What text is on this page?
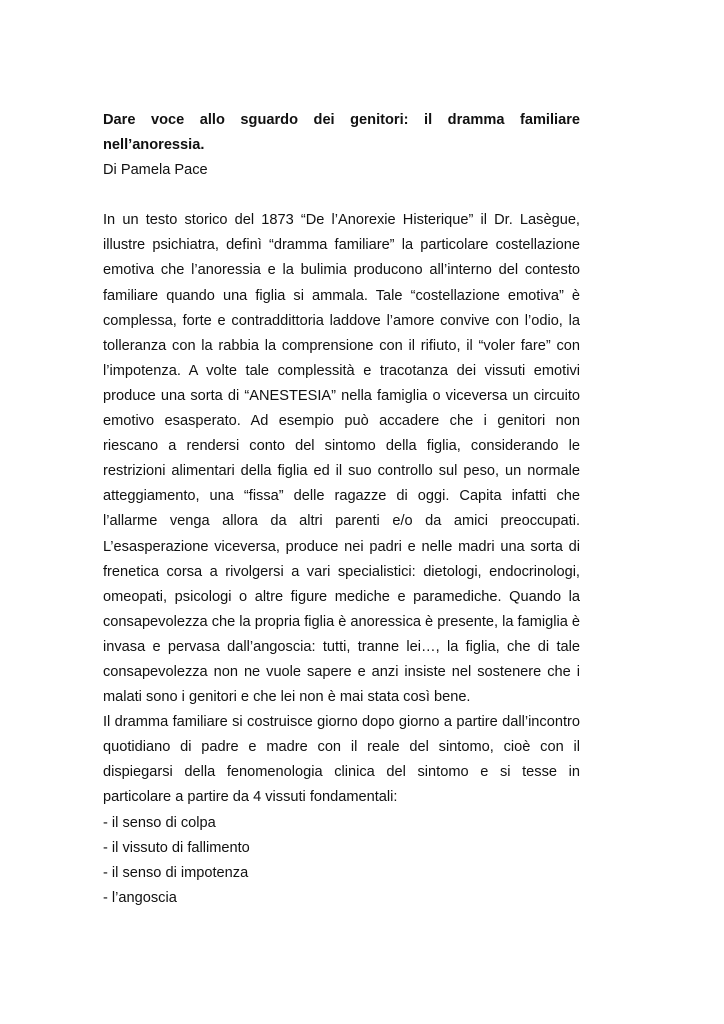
Dare voce allo sguardo dei genitori: il dramma familiare
nell’anoressia.

Di Pamela Pace

In un testo storico del 1873 “De l’Anorexie Histerique” il Dr. Lasègue, illustre psichiatra, definì “dramma familiare” la particolare costellazione emotiva che l’anoressia e la bulimia producono all’interno del contesto familiare quando una figlia si ammala. Tale “costellazione emotiva” è complessa, forte e contraddittoria laddove l’amore convive con l’odio, la tolleranza con la rabbia la comprensione con il rifiuto, il “voler fare” con l’impotenza. A volte tale complessità e tracotanza dei vissuti emotivi produce una sorta di “ANESTESIA” nella famiglia o viceversa un circuito emotivo esasperato. Ad esempio può accadere che i genitori non riescano a rendersi conto del sintomo della figlia, considerando le restrizioni alimentari della figlia ed il suo controllo sul peso, un normale atteggiamento, una “fissa” delle ragazze di oggi. Capita infatti che l’allarme venga allora da altri parenti e/o da amici preoccupati. L’esasperazione viceversa, produce nei padri e nelle madri una sorta di frenetica corsa a rivolgersi a vari specialistici: dietologi, endocrinologi, omeopati, psicologi o altre figure mediche e paramediche. Quando la consapevolezza che la propria figlia è anoressica è presente, la famiglia è invasa e pervasa dall’angoscia: tutti, tranne lei…, la figlia, che di tale consapevolezza non ne vuole sapere e anzi insiste nel sostenere che i malati sono i genitori e che lei non è mai stata così bene.

Il dramma familiare si costruisce giorno dopo giorno a partire dall’incontro quotidiano di padre e madre con il reale del sintomo, cioè con il dispiegarsi della fenomenologia clinica del sintomo e si tesse in particolare a partire da 4 vissuti fondamentali:

- il senso di colpa
- il vissuto di fallimento
- il senso di impotenza
- l’angoscia
